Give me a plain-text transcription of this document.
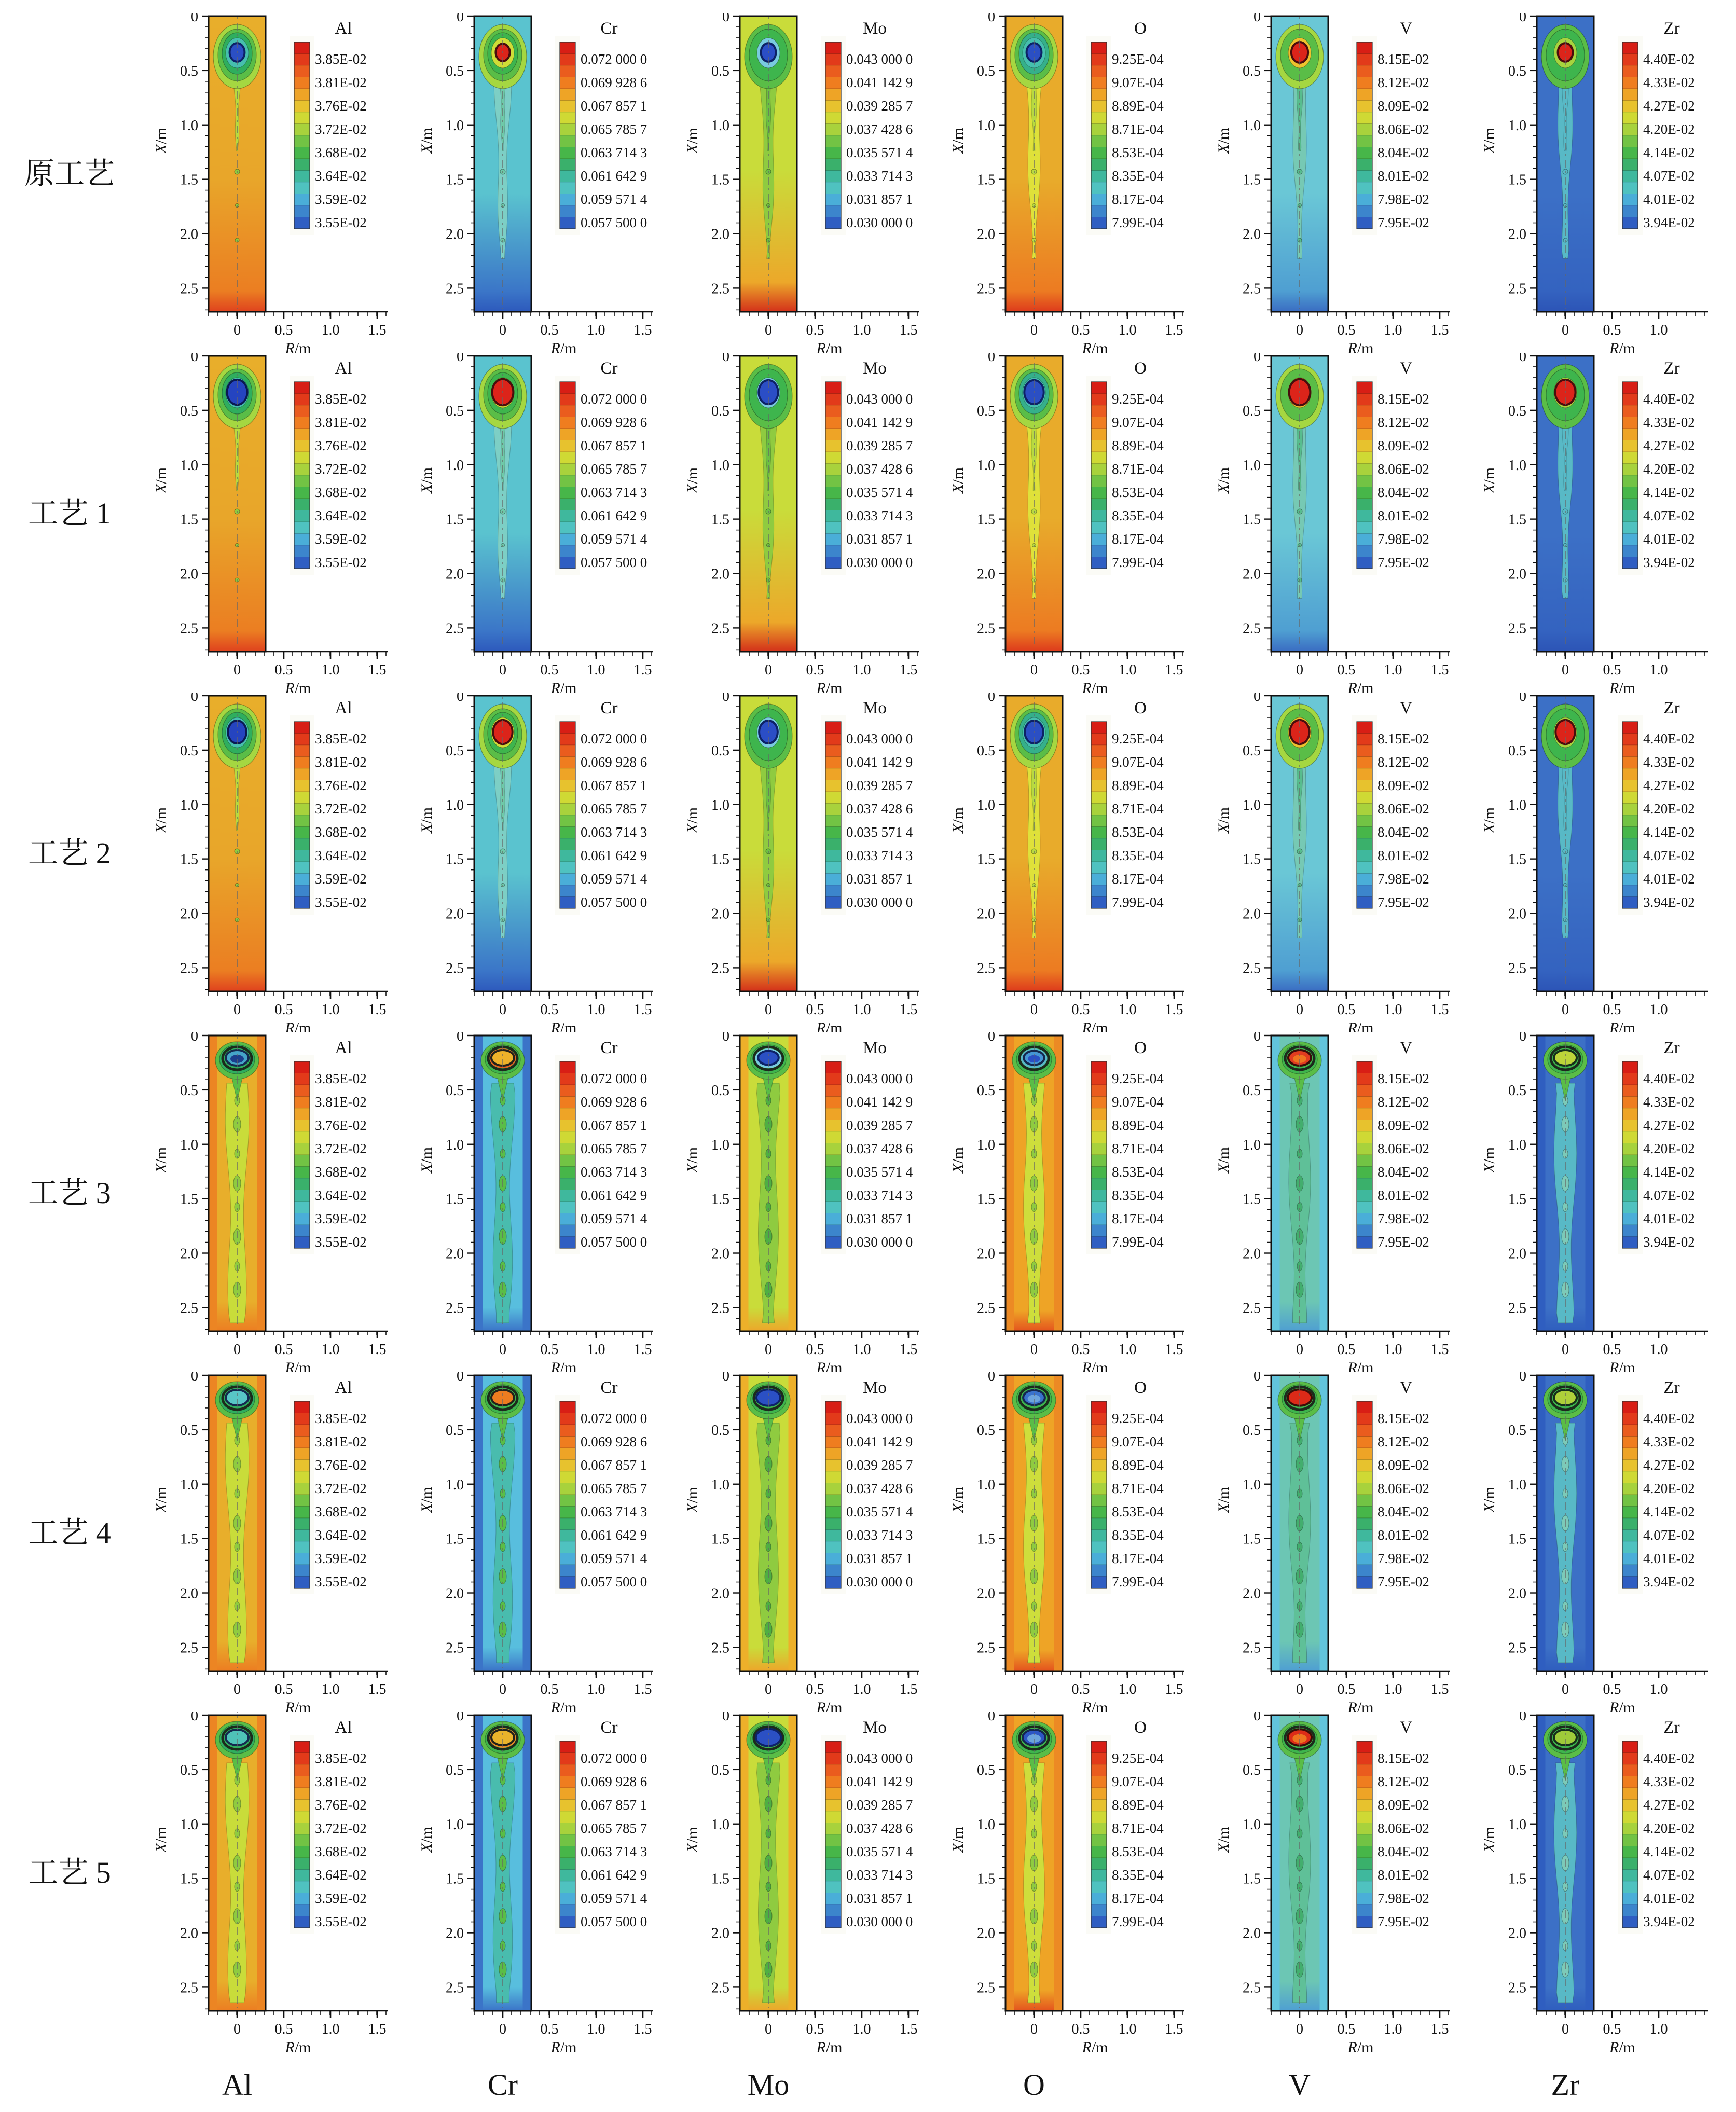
原工艺
0
0.5
1.0
1.5
2.0
2.5
X/m
0 0.5 1.0 1.5
R/m
Al
3.85E-02
3.81E-02
3.76E-02
3.72E-02
3.68E-02
3.64E-02
3.59E-02
3.55E-02
0
0.5
1.0
1.5
2.0
2.5
X/m
0 0.5 1.0 1.5
R/m
Cr
0.072 000 0
0.069 928 6
0.067 857 1
0.065 785 7
0.063 714 3
0.061 642 9
0.059 571 4
0.057 500 0
0
0.5
1.0
1.5
2.0
2.5
X/m
0 0.5 1.0 1.5
R/m
Mo
0.043 000 0
0.041 142 9
0.039 285 7
0.037 428 6
0.035 571 4
0.033 714 3
0.031 857 1
0.030 000 0
0
0.5
1.0
1.5
2.0
2.5
X/m
0 0.5 1.0 1.5
R/m
O
9.25E-04
9.07E-04
8.89E-04
8.71E-04
8.53E-04
8.35E-04
8.17E-04
7.99E-04
0
0.5
1.0
1.5
2.0
2.5
X/m
0 0.5 1.0 1.5
R/m
V
8.15E-02
8.12E-02
8.09E-02
8.06E-02
8.04E-02
8.01E-02
7.98E-02
7.95E-02
0
0.5
1.0
1.5
2.0
2.5
X/m
0 0.5 1.0
R/m
Zr
4.40E-02
4.33E-02
4.27E-02
4.20E-02
4.14E-02
4.07E-02
4.01E-02
3.94E-02
工艺 1
0
0.5
1.0
1.5
2.0
2.5
X/m
0 0.5 1.0 1.5
R/m
Al
3.85E-02
3.81E-02
3.76E-02
3.72E-02
3.68E-02
3.64E-02
3.59E-02
3.55E-02
0
0.5
1.0
1.5
2.0
2.5
X/m
0 0.5 1.0 1.5
R/m
Cr
0.072 000 0
0.069 928 6
0.067 857 1
0.065 785 7
0.063 714 3
0.061 642 9
0.059 571 4
0.057 500 0
0
0.5
1.0
1.5
2.0
2.5
X/m
0 0.5 1.0 1.5
R/m
Mo
0.043 000 0
0.041 142 9
0.039 285 7
0.037 428 6
0.035 571 4
0.033 714 3
0.031 857 1
0.030 000 0
0
0.5
1.0
1.5
2.0
2.5
X/m
0 0.5 1.0 1.5
R/m
O
9.25E-04
9.07E-04
8.89E-04
8.71E-04
8.53E-04
8.35E-04
8.17E-04
7.99E-04
0
0.5
1.0
1.5
2.0
2.5
X/m
0 0.5 1.0 1.5
R/m
V
8.15E-02
8.12E-02
8.09E-02
8.06E-02
8.04E-02
8.01E-02
7.98E-02
7.95E-02
0
0.5
1.0
1.5
2.0
2.5
X/m
0 0.5 1.0
R/m
Zr
4.40E-02
4.33E-02
4.27E-02
4.20E-02
4.14E-02
4.07E-02
4.01E-02
3.94E-02
工艺 2
0
0.5
1.0
1.5
2.0
2.5
X/m
0 0.5 1.0 1.5
R/m
Al
3.85E-02
3.81E-02
3.76E-02
3.72E-02
3.68E-02
3.64E-02
3.59E-02
3.55E-02
0
0.5
1.0
1.5
2.0
2.5
X/m
0 0.5 1.0 1.5
R/m
Cr
0.072 000 0
0.069 928 6
0.067 857 1
0.065 785 7
0.063 714 3
0.061 642 9
0.059 571 4
0.057 500 0
0
0.5
1.0
1.5
2.0
2.5
X/m
0 0.5 1.0 1.5
R/m
Mo
0.043 000 0
0.041 142 9
0.039 285 7
0.037 428 6
0.035 571 4
0.033 714 3
0.031 857 1
0.030 000 0
0
0.5
1.0
1.5
2.0
2.5
X/m
0 0.5 1.0 1.5
R/m
O
9.25E-04
9.07E-04
8.89E-04
8.71E-04
8.53E-04
8.35E-04
8.17E-04
7.99E-04
0
0.5
1.0
1.5
2.0
2.5
X/m
0 0.5 1.0 1.5
R/m
V
8.15E-02
8.12E-02
8.09E-02
8.06E-02
8.04E-02
8.01E-02
7.98E-02
7.95E-02
0
0.5
1.0
1.5
2.0
2.5
X/m
0 0.5 1.0
R/m
Zr
4.40E-02
4.33E-02
4.27E-02
4.20E-02
4.14E-02
4.07E-02
4.01E-02
3.94E-02
工艺 3
0
0.5
1.0
1.5
2.0
2.5
X/m
0 0.5 1.0 1.5
R/m
Al
3.85E-02
3.81E-02
3.76E-02
3.72E-02
3.68E-02
3.64E-02
3.59E-02
3.55E-02
0
0.5
1.0
1.5
2.0
2.5
X/m
0 0.5 1.0 1.5
R/m
Cr
0.072 000 0
0.069 928 6
0.067 857 1
0.065 785 7
0.063 714 3
0.061 642 9
0.059 571 4
0.057 500 0
0
0.5
1.0
1.5
2.0
2.5
X/m
0 0.5 1.0 1.5
R/m
Mo
0.043 000 0
0.041 142 9
0.039 285 7
0.037 428 6
0.035 571 4
0.033 714 3
0.031 857 1
0.030 000 0
0
0.5
1.0
1.5
2.0
2.5
X/m
0 0.5 1.0 1.5
R/m
O
9.25E-04
9.07E-04
8.89E-04
8.71E-04
8.53E-04
8.35E-04
8.17E-04
7.99E-04
0
0.5
1.0
1.5
2.0
2.5
X/m
0 0.5 1.0 1.5
R/m
V
8.15E-02
8.12E-02
8.09E-02
8.06E-02
8.04E-02
8.01E-02
7.98E-02
7.95E-02
0
0.5
1.0
1.5
2.0
2.5
X/m
0 0.5 1.0
R/m
Zr
4.40E-02
4.33E-02
4.27E-02
4.20E-02
4.14E-02
4.07E-02
4.01E-02
3.94E-02
工艺 4
0
0.5
1.0
1.5
2.0
2.5
X/m
0 0.5 1.0 1.5
R/m
Al
3.85E-02
3.81E-02
3.76E-02
3.72E-02
3.68E-02
3.64E-02
3.59E-02
3.55E-02
0
0.5
1.0
1.5
2.0
2.5
X/m
0 0.5 1.0 1.5
R/m
Cr
0.072 000 0
0.069 928 6
0.067 857 1
0.065 785 7
0.063 714 3
0.061 642 9
0.059 571 4
0.057 500 0
0
0.5
1.0
1.5
2.0
2.5
X/m
0 0.5 1.0 1.5
R/m
Mo
0.043 000 0
0.041 142 9
0.039 285 7
0.037 428 6
0.035 571 4
0.033 714 3
0.031 857 1
0.030 000 0
0
0.5
1.0
1.5
2.0
2.5
X/m
0 0.5 1.0 1.5
R/m
O
9.25E-04
9.07E-04
8.89E-04
8.71E-04
8.53E-04
8.35E-04
8.17E-04
7.99E-04
0
0.5
1.0
1.5
2.0
2.5
X/m
0 0.5 1.0 1.5
R/m
V
8.15E-02
8.12E-02
8.09E-02
8.06E-02
8.04E-02
8.01E-02
7.98E-02
7.95E-02
0
0.5
1.0
1.5
2.0
2.5
X/m
0 0.5 1.0
R/m
Zr
4.40E-02
4.33E-02
4.27E-02
4.20E-02
4.14E-02
4.07E-02
4.01E-02
3.94E-02
工艺 5
0
0.5
1.0
1.5
2.0
2.5
X/m
0 0.5 1.0 1.5
R/m
Al
3.85E-02
3.81E-02
3.76E-02
3.72E-02
3.68E-02
3.64E-02
3.59E-02
3.55E-02
0
0.5
1.0
1.5
2.0
2.5
X/m
0 0.5 1.0 1.5
R/m
Cr
0.072 000 0
0.069 928 6
0.067 857 1
0.065 785 7
0.063 714 3
0.061 642 9
0.059 571 4
0.057 500 0
0
0.5
1.0
1.5
2.0
2.5
X/m
0 0.5 1.0 1.5
R/m
Mo
0.043 000 0
0.041 142 9
0.039 285 7
0.037 428 6
0.035 571 4
0.033 714 3
0.031 857 1
0.030 000 0
0
0.5
1.0
1.5
2.0
2.5
X/m
0 0.5 1.0 1.5
R/m
O
9.25E-04
9.07E-04
8.89E-04
8.71E-04
8.53E-04
8.35E-04
8.17E-04
7.99E-04
0
0.5
1.0
1.5
2.0
2.5
X/m
0 0.5 1.0 1.5
R/m
V
8.15E-02
8.12E-02
8.09E-02
8.06E-02
8.04E-02
8.01E-02
7.98E-02
7.95E-02
0
0.5
1.0
1.5
2.0
2.5
X/m
0 0.5 1.0
R/m
Zr
4.40E-02
4.33E-02
4.27E-02
4.20E-02
4.14E-02
4.07E-02
4.01E-02
3.94E-02
Al	Cr	Mo	O	V	Zr
